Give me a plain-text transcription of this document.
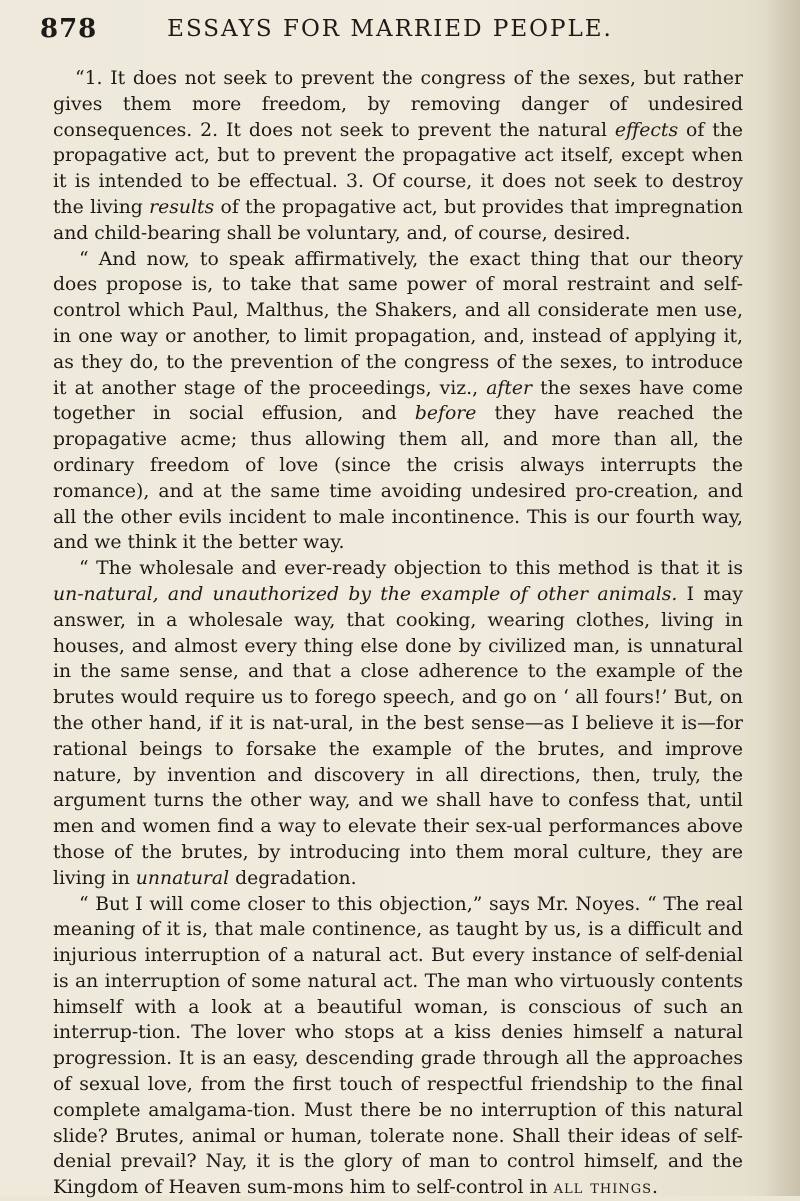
878	ESSAYS FOR MARRIED PEOPLE.

“1. It does not seek to prevent the congress of the sexes, but rather gives them more freedom, by removing danger of undesired consequences. 2. It does not seek to prevent the natural effects of the propagative act, but to prevent the propagative act itself, except when it is intended to be effectual. 3. Of course, it does not seek to destroy the living results of the propagative act, but provides that impregnation and child-bearing shall be voluntary, and, of course, desired.

“ And now, to speak affirmatively, the exact thing that our theory does propose is, to take that same power of moral restraint and self-control which Paul, Malthus, the Shakers, and all considerate men use, in one way or another, to limit propagation, and, instead of applying it, as they do, to the prevention of the congress of the sexes, to introduce it at another stage of the proceedings, viz., after the sexes have come together in social effusion, and before they have reached the propagative acme; thus allowing them all, and more than all, the ordinary freedom of love (since the crisis always interrupts the romance), and at the same time avoiding undesired pro-creation, and all the other evils incident to male incontinence. This is our fourth way, and we think it the better way.

“ The wholesale and ever-ready objection to this method is that it is un-natural, and unauthorized by the example of other animals. I may answer, in a wholesale way, that cooking, wearing clothes, living in houses, and almost every thing else done by civilized man, is unnatural in the same sense, and that a close adherence to the example of the brutes would require us to forego speech, and go on ‘ all fours!’ But, on the other hand, if it is nat-ural, in the best sense—as I believe it is—for rational beings to forsake the example of the brutes, and improve nature, by invention and discovery in all directions, then, truly, the argument turns the other way, and we shall have to confess that, until men and women find a way to elevate their sex-ual performances above those of the brutes, by introducing into them moral culture, they are living in unnatural degradation.

“ But I will come closer to this objection,” says Mr. Noyes. “ The real meaning of it is, that male continence, as taught by us, is a difficult and injurious interruption of a natural act. But every instance of self-denial is an interruption of some natural act. The man who virtuously contents himself with a look at a beautiful woman, is conscious of such an interrup-tion. The lover who stops at a kiss denies himself a natural progression. It is an easy, descending grade through all the approaches of sexual love, from the first touch of respectful friendship to the final complete amalgama-tion. Must there be no interruption of this natural slide? Brutes, animal or human, tolerate none. Shall their ideas of self-denial prevail? Nay, it is the glory of man to control himself, and the Kingdom of Heaven sum-mons him to self-control in all things.
